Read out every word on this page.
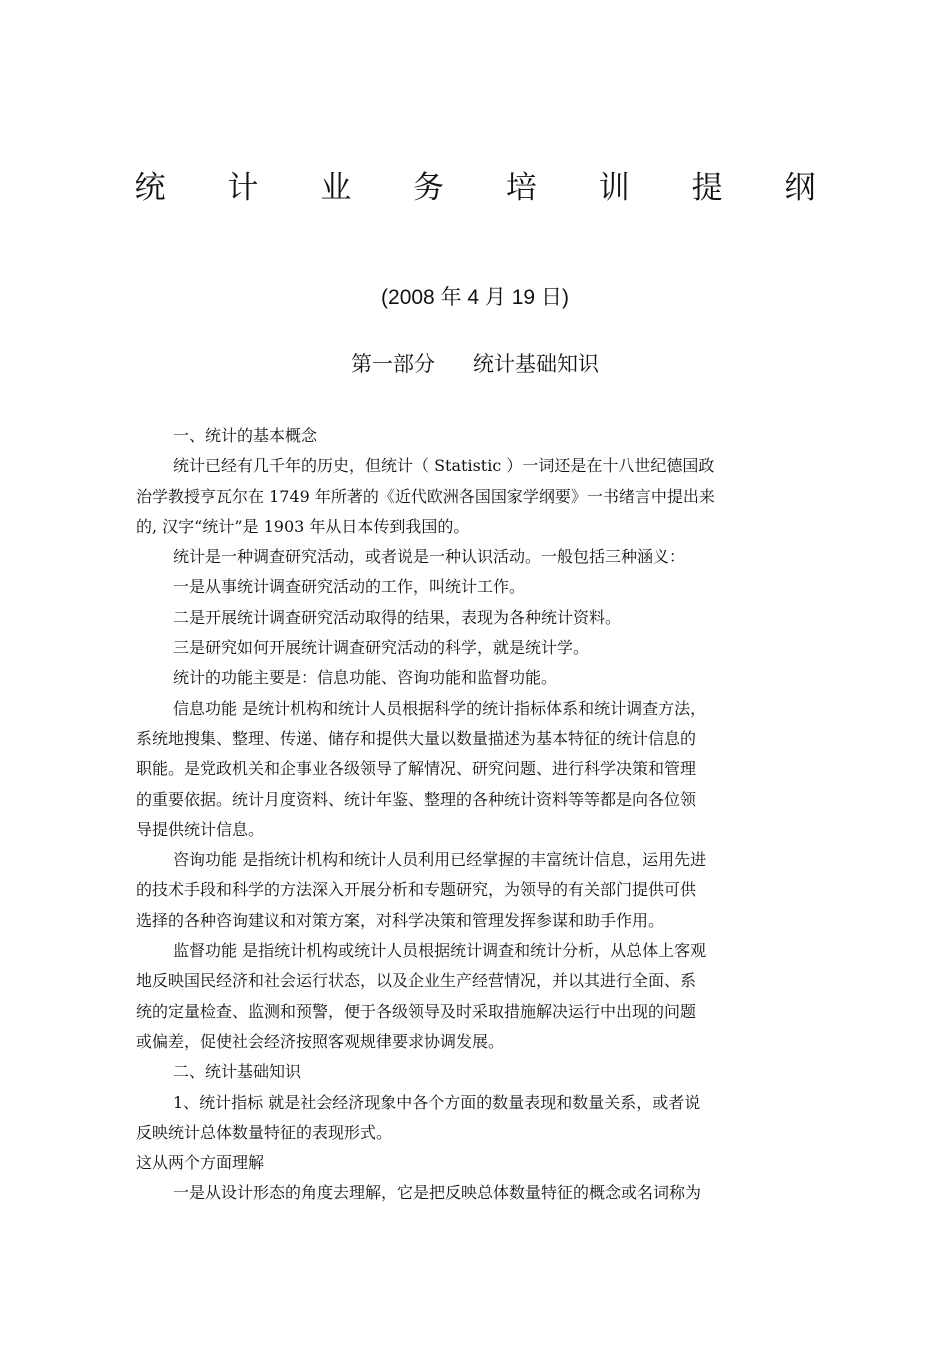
统 计 业 务 培 训 提 纲
(2008 年 4 月 19 日)
第一部分 统计基础知识
一、统计的基本概念
统计已经有几千年的历史，但统计（ Statistic ）一词还是在十八世纪德国政
治学教授亨瓦尔在 1749 年所著的《近代欧洲各国国家学纲要》一书绪言中提出来
的, 汉字“统计”是 1903 年从日本传到我国的。
统计是一种调查研究活动，或者说是一种认识活动。一般包括三种涵义：
一是从事统计调查研究活动的工作，叫统计工作。
二是开展统计调查研究活动取得的结果，表现为各种统计资料。
三是研究如何开展统计调查研究活动的科学，就是统计学。
统计的功能主要是：信息功能、咨询功能和监督功能。
信息功能 是统计机构和统计人员根据科学的统计指标体系和统计调查方法，
系统地搜集、整理、传递、储存和提供大量以数量描述为基本特征的统计信息的
职能。是党政机关和企事业各级领导了解情况、研究问题、进行科学决策和管理
的重要依据。统计月度资料、统计年鉴、整理的各种统计资料等等都是向各位领
导提供统计信息。
咨询功能 是指统计机构和统计人员利用已经掌握的丰富统计信息，运用先进
的技术手段和科学的方法深入开展分析和专题研究，为领导的有关部门提供可供
选择的各种咨询建议和对策方案，对科学决策和管理发挥参谋和助手作用。
监督功能 是指统计机构或统计人员根据统计调查和统计分析，从总体上客观
地反映国民经济和社会运行状态，以及企业生产经营情况，并以其进行全面、系
统的定量检查、监测和预警，便于各级领导及时采取措施解决运行中出现的问题
或偏差，促使社会经济按照客观规律要求协调发展。
二、统计基础知识
1、统计指标 就是社会经济现象中各个方面的数量表现和数量关系，或者说
反映统计总体数量特征的表现形式。
这从两个方面理解
一是从设计形态的角度去理解，它是把反映总体数量特征的概念或名词称为
